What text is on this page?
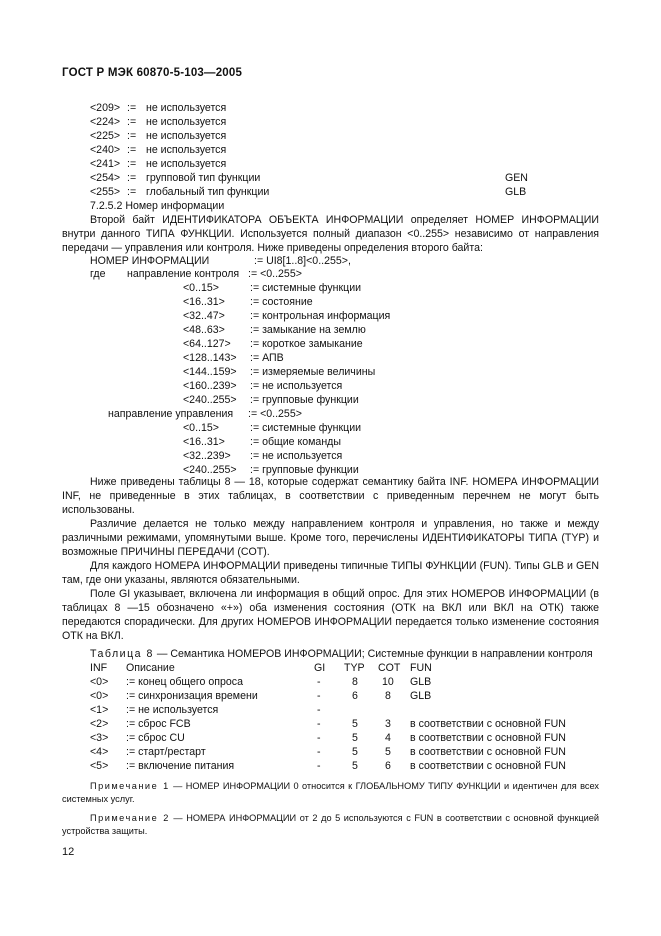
ГОСТ Р МЭК 60870-5-103—2005
<209> := не используется
<224> := не используется
<225> := не используется
<240> := не используется
<241> := не используется
<254> := групповой тип функции	GEN
<255> := глобальный тип функции	GLB
7.2.5.2 Номер информации
Второй байт ИДЕНТИФИКАТОРА ОБЪЕКТА ИНФОРМАЦИИ определяет НОМЕР ИНФОРМАЦИИ внутри данного ТИПА ФУНКЦИИ. Используется полный диапазон <0..255> независимо от направления передачи — управления или контроля. Ниже приведены определения второго байта:
НОМЕР ИНФОРМАЦИИ	:= UI8[1..8]<0..255>,
где направление контроля := <0..255>
<0..15>	:= системные функции
<16..31> := состояние
<32..47> := контрольная информация
<48..63> := замыкание на землю
<64..127> := короткое замыкание
<128..143> := АПВ
<144..159> := измеряемые величины
<160..239> := не используется
<240..255> := групповые функции
направление управления := <0..255>
<0..15>	:= системные функции
<16..31> := общие команды
<32..239> := не используется
<240..255> := групповые функции
Ниже приведены таблицы 8 — 18, которые содержат семантику байта INF. НОМЕРА ИНФОРМАЦИИ INF, не приведенные в этих таблицах, в соответствии с приведенным перечнем не могут быть использованы.
Различие делается не только между направлением контроля и управления, но также и между различными режимами, упомянутыми выше. Кроме того, перечислены ИДЕНТИФИКАТОРЫ ТИПА (TYP) и возможные ПРИЧИНЫ ПЕРЕДАЧИ (COT).
Для каждого НОМЕРА ИНФОРМАЦИИ приведены типичные ТИПЫ ФУНКЦИИ (FUN). Типы GLB и GEN там, где они указаны, являются обязательными.
Поле GI указывает, включена ли информация в общий опрос. Для этих НОМЕРОВ ИНФОРМАЦИИ (в таблицах 8 —15 обозначено «+») оба изменения состояния (ОТК на ВКЛ или ВКЛ на ОТК) также передаются спорадически. Для других НОМЕРОВ ИНФОРМАЦИИ передается только изменение состояния ОТК на ВКЛ.
Таблица 8 — Семантика НОМЕРОВ ИНФОРМАЦИИ; Системные функции в направлении контроля
INF Описание	GI TYP COT FUN
<0> := конец общего опроса	-	8 10 GLB
<0> := синхронизация времени	-	6	8 GLB
<1> := не используется	-
<2> := сброс FCB	-	5	3 в соответствии с основной FUN
<3> := сброс CU	-	5	4 в соответствии с основной FUN
<4> := старт/рестарт	-	5	5 в соответствии с основной FUN
<5> := включение питания	-	5	6 в соответствии с основной FUN
Примечание 1 — НОМЕР ИНФОРМАЦИИ 0 относится к ГЛОБАЛЬНОМУ ТИПУ ФУНКЦИИ и идентичен для всех системных услуг.
Примечание 2 — НОМЕРА ИНФОРМАЦИИ от 2 до 5 используются с FUN в соответствии с основной функцией устройства защиты.
12
